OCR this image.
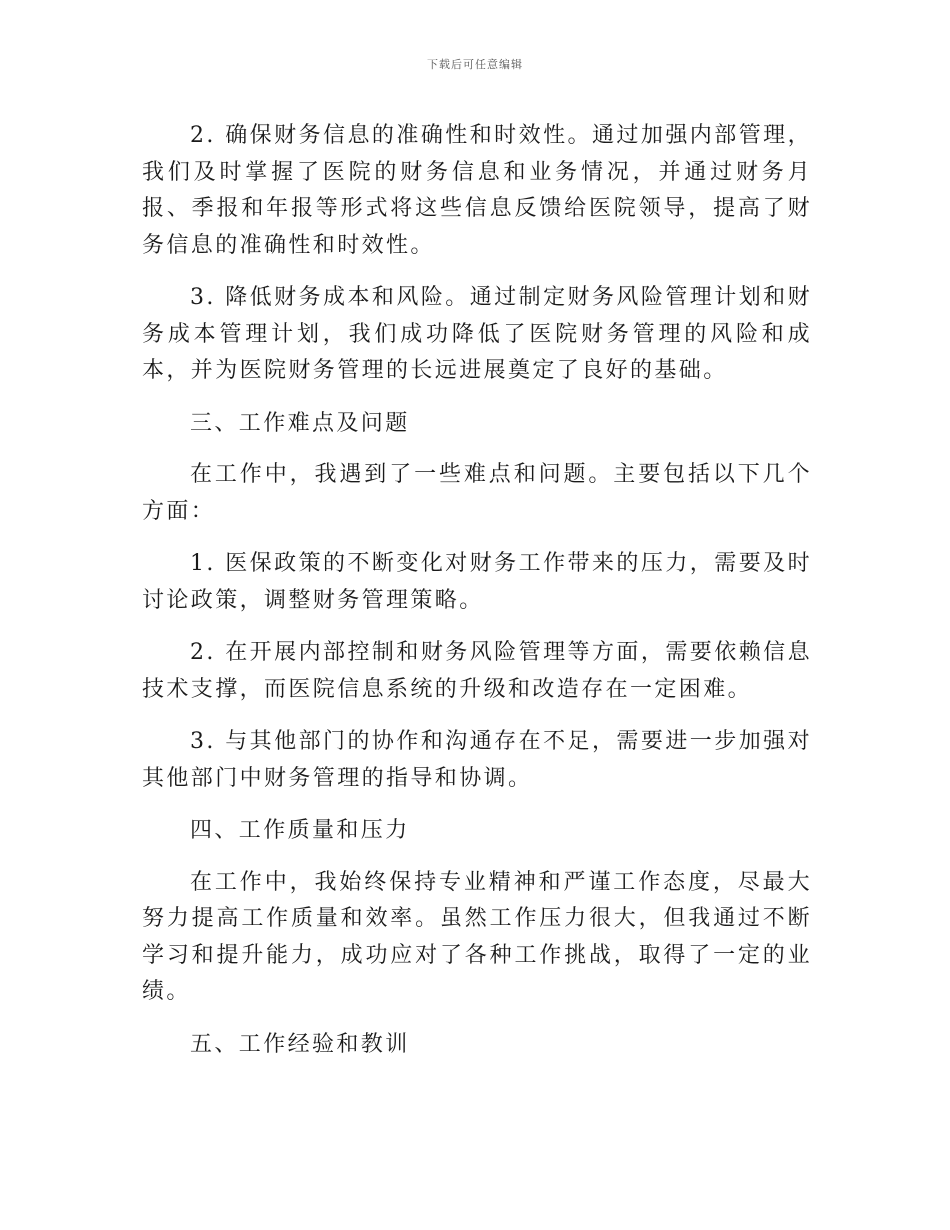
下载后可任意编辑

2. 确保财务信息的准确性和时效性。通过加强内部管理，我们及时掌握了医院的财务信息和业务情况，并通过财务月报、季报和年报等形式将这些信息反馈给医院领导，提高了财务信息的准确性和时效性。

3. 降低财务成本和风险。通过制定财务风险管理计划和财务成本管理计划，我们成功降低了医院财务管理的风险和成本，并为医院财务管理的长远进展奠定了良好的基础。

三、工作难点及问题

在工作中，我遇到了一些难点和问题。主要包括以下几个方面：

1. 医保政策的不断变化对财务工作带来的压力，需要及时讨论政策，调整财务管理策略。

2. 在开展内部控制和财务风险管理等方面，需要依赖信息技术支撑，而医院信息系统的升级和改造存在一定困难。

3. 与其他部门的协作和沟通存在不足，需要进一步加强对其他部门中财务管理的指导和协调。

四、工作质量和压力

在工作中，我始终保持专业精神和严谨工作态度，尽最大努力提高工作质量和效率。虽然工作压力很大，但我通过不断学习和提升能力，成功应对了各种工作挑战，取得了一定的业绩。

五、工作经验和教训
